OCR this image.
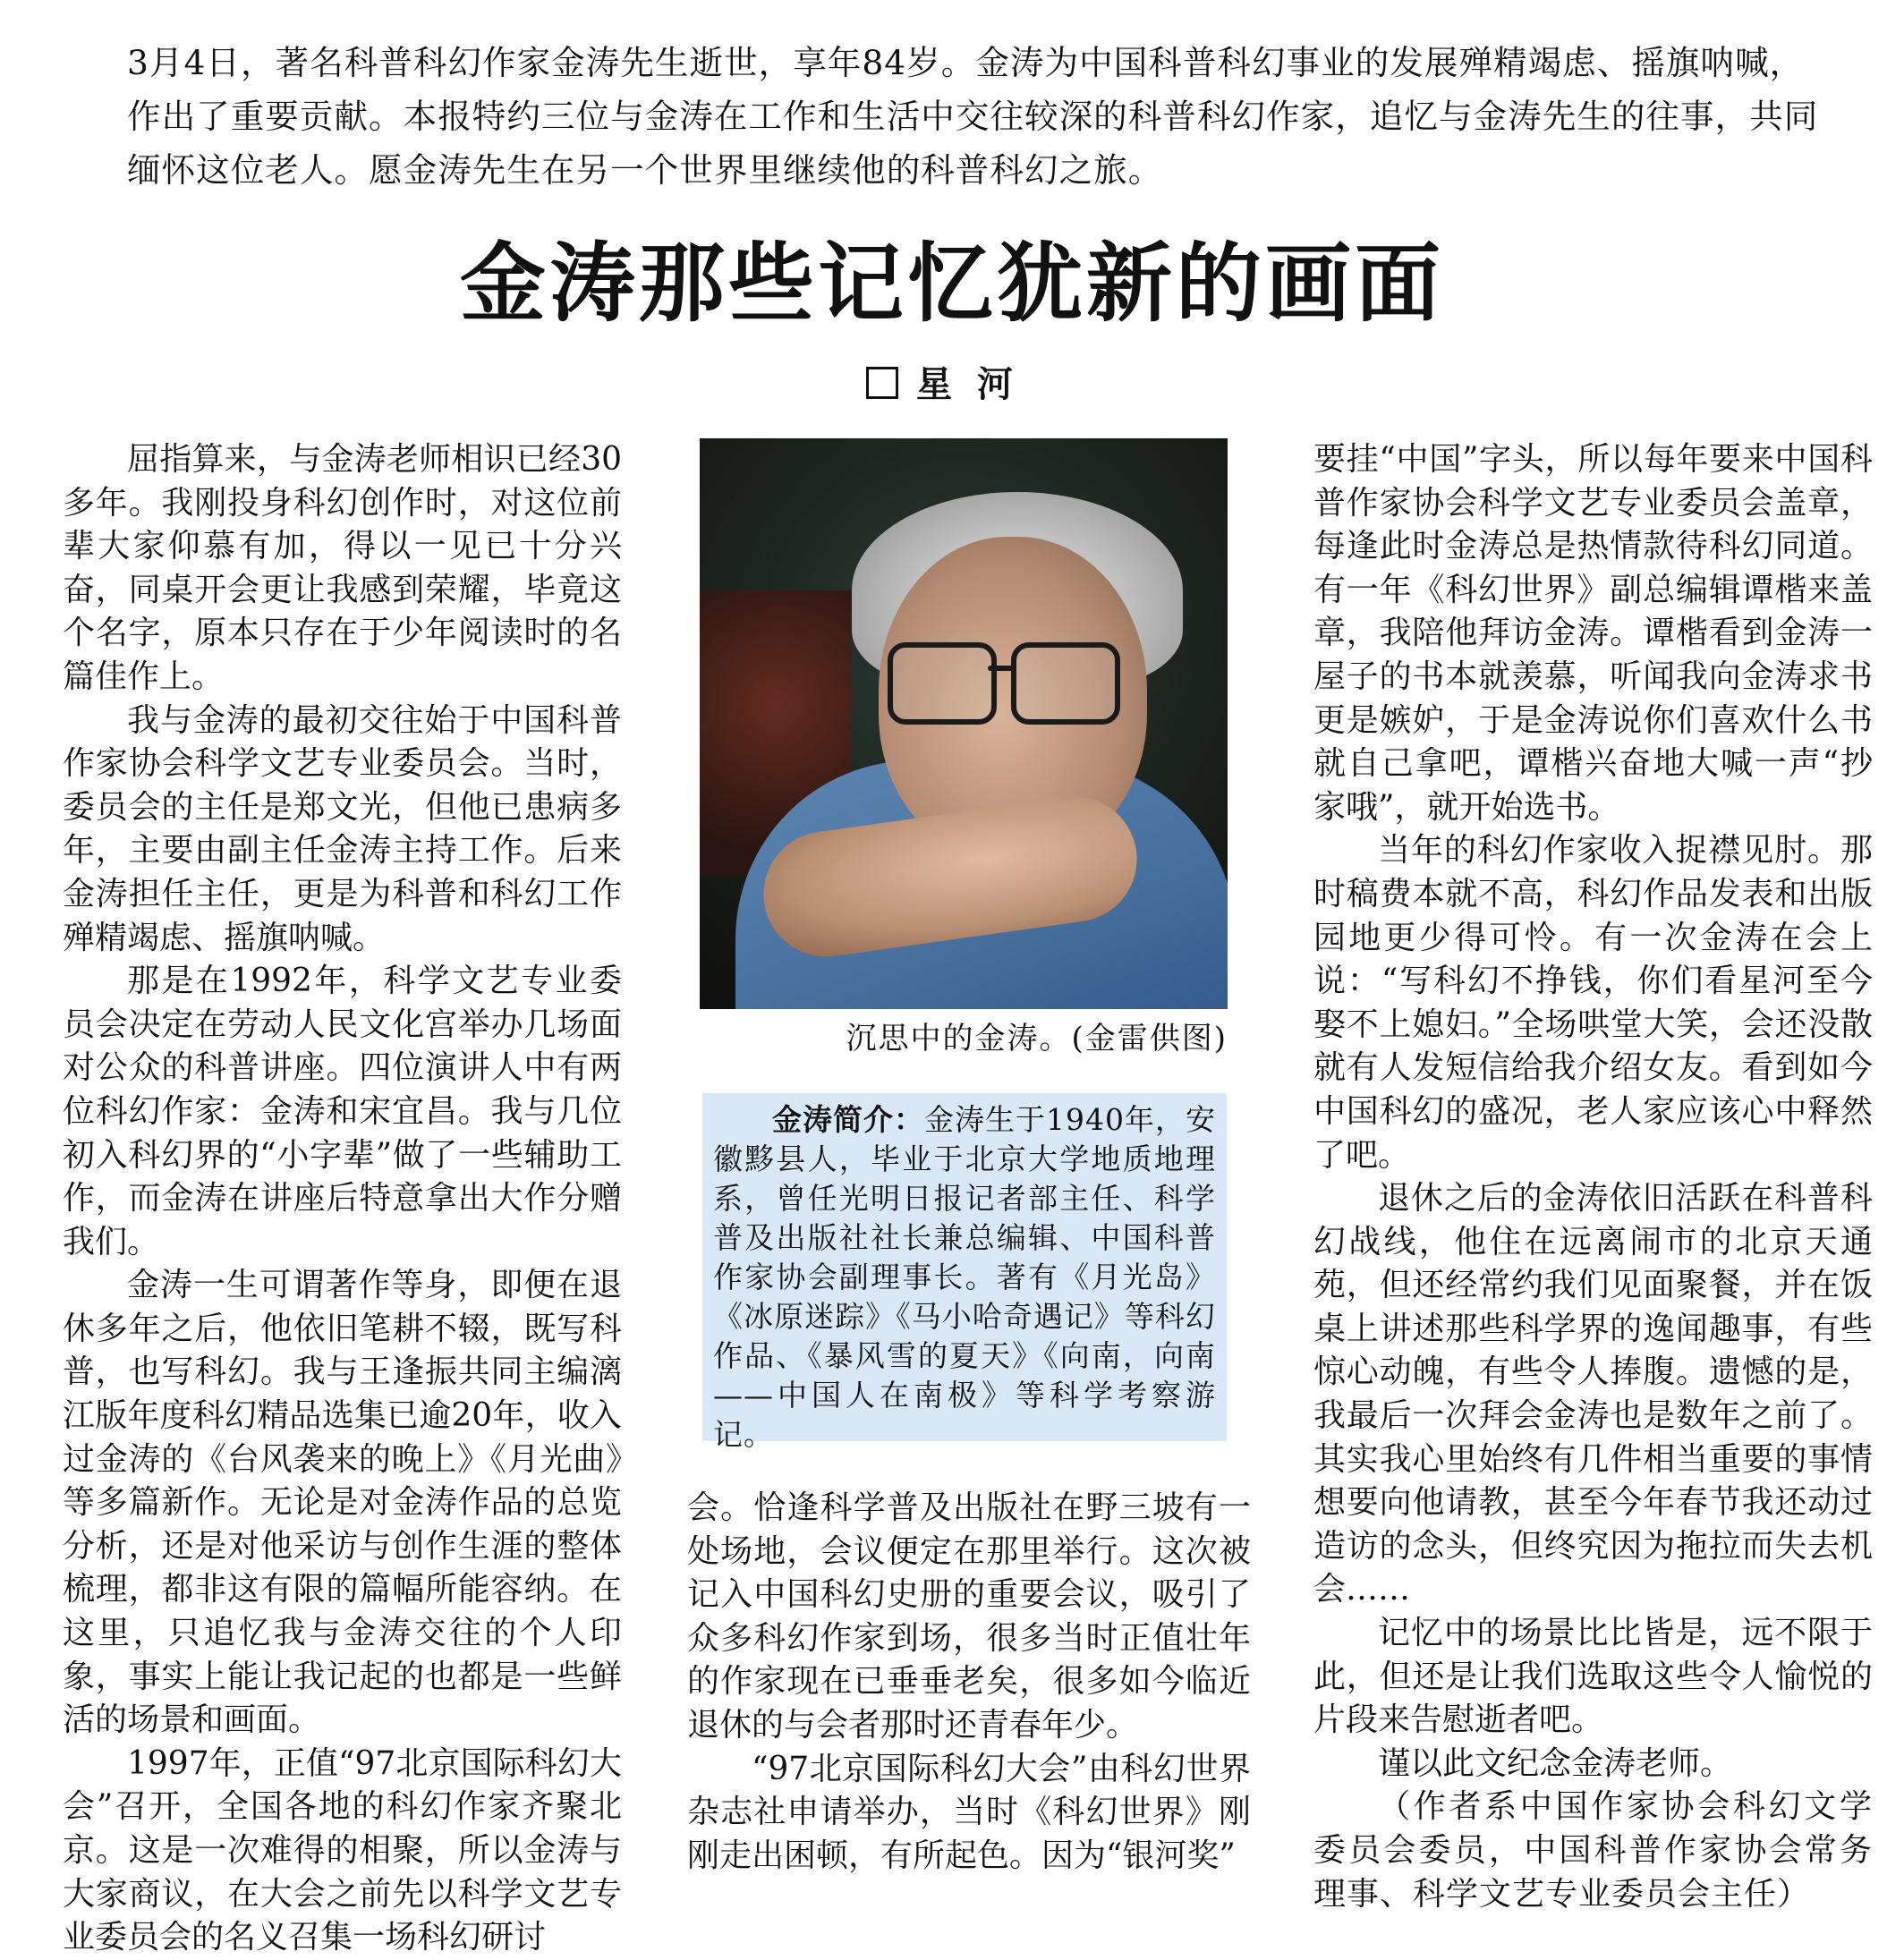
3月4日，著名科普科幻作家金涛先生逝世，享年84岁。金涛为中国科普科幻事业的发展殚精竭虑、摇旗呐喊，作出了重要贡献。本报特约三位与金涛在工作和生活中交往较深的科普科幻作家，追忆与金涛先生的往事，共同缅怀这位老人。愿金涛先生在另一个世界里继续他的科普科幻之旅。

金涛那些记忆犹新的画面
星河

屈指算来，与金涛老师相识已经30多年。我刚投身科幻创作时，对这位前辈大家仰慕有加，得以一见已十分兴奋，同桌开会更让我感到荣耀，毕竟这个名字，原本只存在于少年阅读时的名篇佳作上。

我与金涛的最初交往始于中国科普作家协会科学文艺专业委员会。当时，委员会的主任是郑文光，但他已患病多年，主要由副主任金涛主持工作。后来金涛担任主任，更是为科普和科幻工作殚精竭虑、摇旗呐喊。

那是在1992年，科学文艺专业委员会决定在劳动人民文化宫举办几场面对公众的科普讲座。四位演讲人中有两位科幻作家：金涛和宋宜昌。我与几位初入科幻界的“小字辈”做了一些辅助工作，而金涛在讲座后特意拿出大作分赠我们。

金涛一生可谓著作等身，即便在退休多年之后，他依旧笔耕不辍，既写科普，也写科幻。我与王逢振共同主编漓江版年度科幻精品选集已逾20年，收入过金涛的《台风袭来的晚上》《月光曲》等多篇新作。无论是对金涛作品的总览分析，还是对他采访与创作生涯的整体梳理，都非这有限的篇幅所能容纳。在这里，只追忆我与金涛交往的个人印象，事实上能让我记起的也都是一些鲜活的场景和画面。

1997年，正值“97北京国际科幻大会”召开，全国各地的科幻作家齐聚北京。这是一次难得的相聚，所以金涛与大家商议，在大会之前先以科学文艺专业委员会的名义召集一场科幻研讨

沉思中的金涛。(金雷供图)

金涛简介：金涛生于1940年，安徽黟县人，毕业于北京大学地质地理系，曾任光明日报记者部主任、科学普及出版社社长兼总编辑、中国科普作家协会副理事长。著有《月光岛》《冰原迷踪》《马小哈奇遇记》等科幻作品、《暴风雪的夏天》《向南，向南——中国人在南极》等科学考察游记。

会。恰逢科学普及出版社在野三坡有一处场地，会议便定在那里举行。这次被记入中国科幻史册的重要会议，吸引了众多科幻作家到场，很多当时正值壮年的作家现在已垂垂老矣，很多如今临近退休的与会者那时还青春年少。

“97北京国际科幻大会”由科幻世界杂志社申请举办，当时《科幻世界》刚刚走出困顿，有所起色。因为“银河奖”

要挂“中国”字头，所以每年要来中国科普作家协会科学文艺专业委员会盖章，每逢此时金涛总是热情款待科幻同道。有一年《科幻世界》副总编辑谭楷来盖章，我陪他拜访金涛。谭楷看到金涛一屋子的书本就羡慕，听闻我向金涛求书更是嫉妒，于是金涛说你们喜欢什么书就自己拿吧，谭楷兴奋地大喊一声“抄家哦”，就开始选书。

当年的科幻作家收入捉襟见肘。那时稿费本就不高，科幻作品发表和出版园地更少得可怜。有一次金涛在会上说：“写科幻不挣钱，你们看星河至今娶不上媳妇。”全场哄堂大笑，会还没散就有人发短信给我介绍女友。看到如今中国科幻的盛况，老人家应该心中释然了吧。

退休之后的金涛依旧活跃在科普科幻战线，他住在远离闹市的北京天通苑，但还经常约我们见面聚餐，并在饭桌上讲述那些科学界的逸闻趣事，有些惊心动魄，有些令人捧腹。遗憾的是，我最后一次拜会金涛也是数年之前了。其实我心里始终有几件相当重要的事情想要向他请教，甚至今年春节我还动过造访的念头，但终究因为拖拉而失去机会……

记忆中的场景比比皆是，远不限于此，但还是让我们选取这些令人愉悦的片段来告慰逝者吧。

谨以此文纪念金涛老师。

（作者系中国作家协会科幻文学委员会委员，中国科普作家协会常务理事、科学文艺专业委员会主任）
